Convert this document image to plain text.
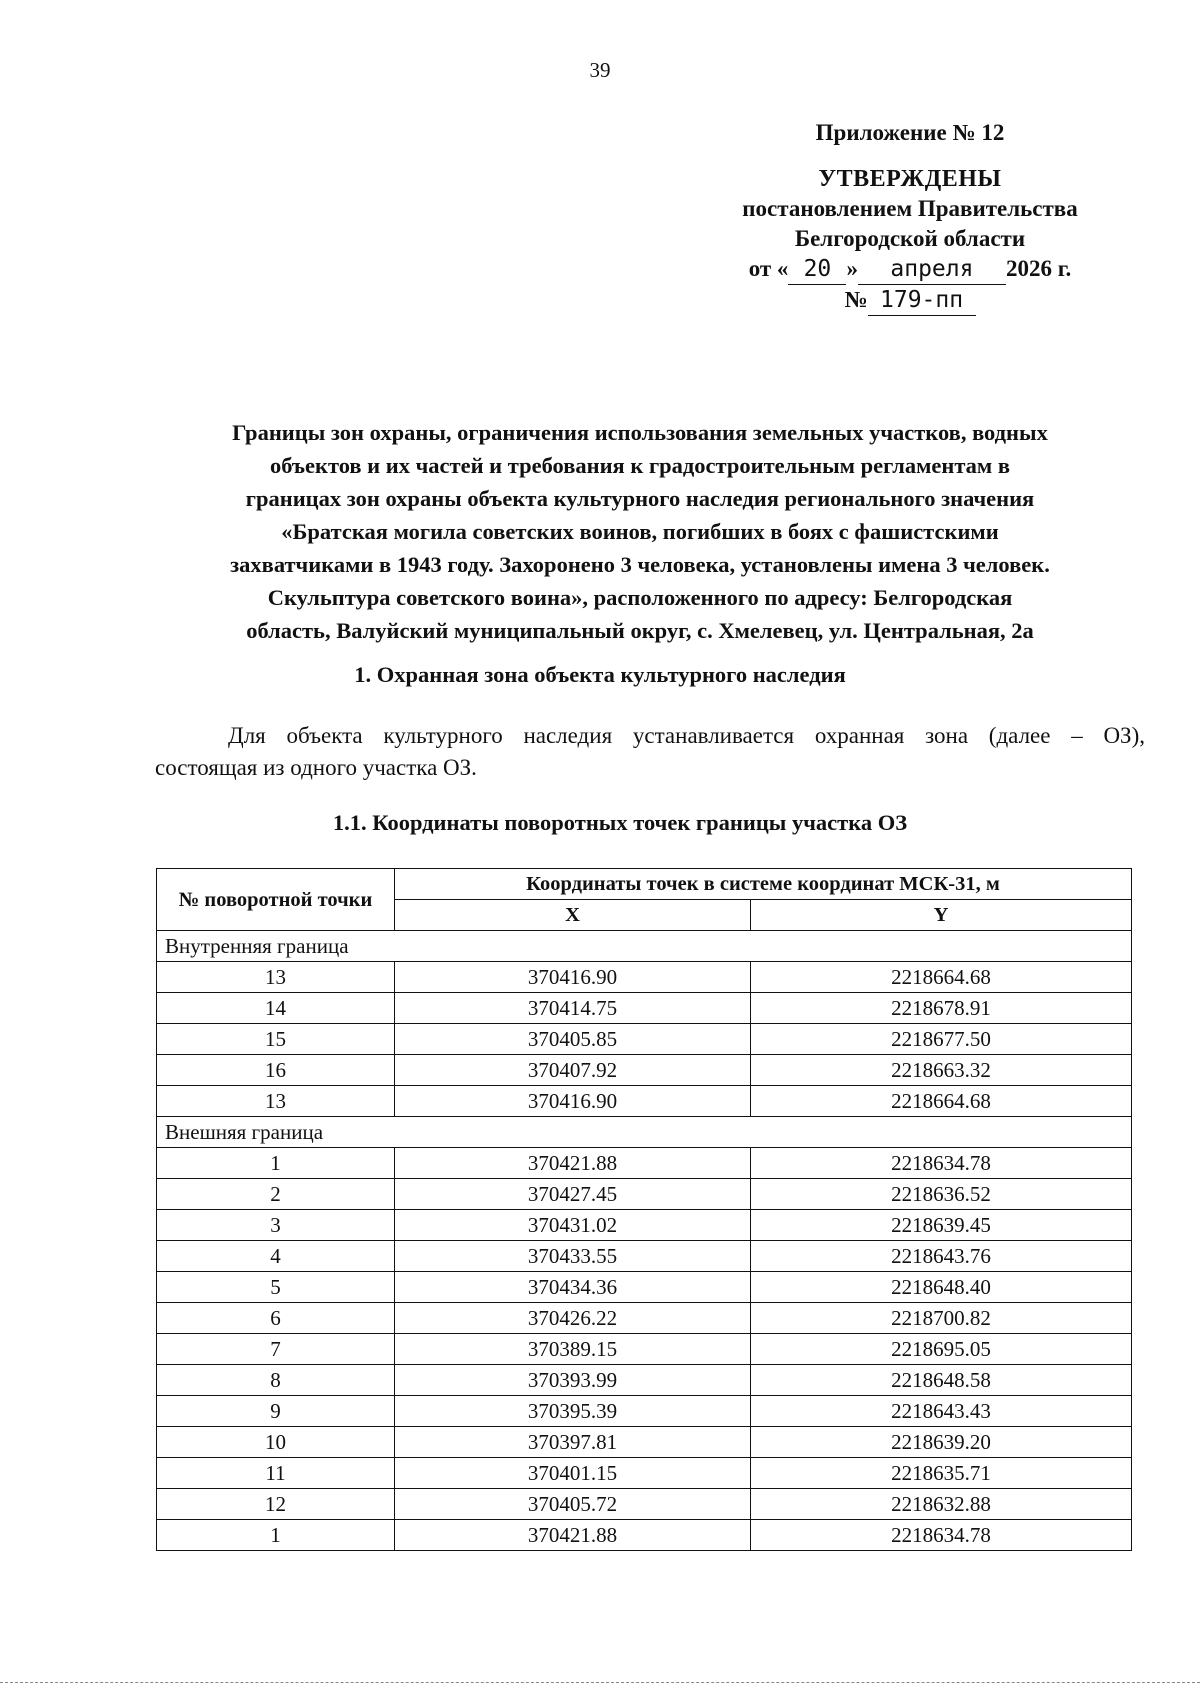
39
Приложение № 12
УТВЕРЖДЕНЫ
постановлением Правительства
Белгородской области
от « 20 » апреля 2026 г.
№ 179-пп
Границы зон охраны, ограничения использования земельных участков, водных
объектов и их частей и требования к градостроительным регламентам в
границах зон охраны объекта культурного наследия регионального значения
«Братская могила советских воинов, погибших в боях с фашистскими
захватчиками в 1943 году. Захоронено 3 человека, установлены имена 3 человек.
Скульптура советского воина», расположенного по адресу: Белгородская
область, Валуйский муниципальный округ, с. Хмелевец, ул. Центральная, 2а
1. Охранная зона объекта культурного наследия
Для объекта культурного наследия устанавливается охранная зона (далее – ОЗ),
состоящая из одного участка ОЗ.
1.1. Координаты поворотных точек границы участка ОЗ
№ поворотной точки	Координаты точек в системе координат МСК-31, м	
	X	Y
Внутренняя граница		
13	370416.90	2218664.68
14	370414.75	2218678.91
15	370405.85	2218677.50
16	370407.92	2218663.32
13	370416.90	2218664.68
Внешняя граница		
1	370421.88	2218634.78
2	370427.45	2218636.52
3	370431.02	2218639.45
4	370433.55	2218643.76
5	370434.36	2218648.40
6	370426.22	2218700.82
7	370389.15	2218695.05
8	370393.99	2218648.58
9	370395.39	2218643.43
10	370397.81	2218639.20
11	370401.15	2218635.71
12	370405.72	2218632.88
1	370421.88	2218634.78
